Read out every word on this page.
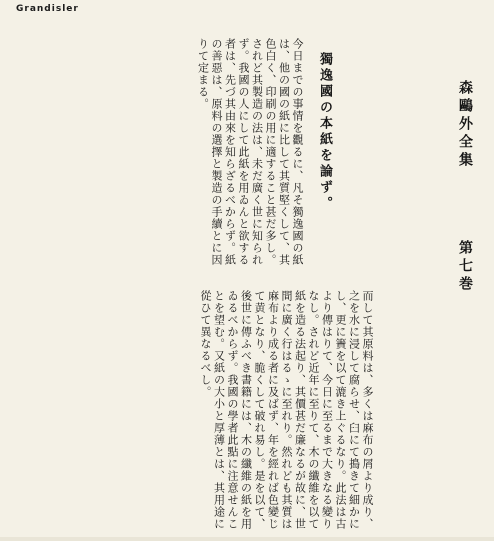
Grandisler
森鷗外全集第七巻
獨逸國の本紙を論ず。

今日までの事情を觀るに、凡そ獨逸國の紙は、他の國の紙に比して其質堅くして、其色白く、印刷の用に適すること甚だ多し。されど其製造の法は、未だ廣く世に知られず。我國の人にして此紙を用ゐんと欲する者は、先づ其由來を知らざるべからず。紙の善惡は、原料の選擇と製造の手續とに因りて定まる。

而して其原料は、多くは麻布の屑より成り、之を水に浸して腐らせ、臼にて搗きて細かにし、更に簀を以て漉き上ぐるなり。此法は古より傳はりて、今日に至るまで大きなる變りなし。されど近年に至りて、木の纖維を以て紙を造る法起り、其價甚だ廉なるが故に、世間に廣く行はるゝに至れり。然れども其質は麻布より成る者に及ばず、年を經れば色變じて黄となり、脆くして破れ易し。是を以て、後世に傳ふべき書籍には、木の纖維の紙を用ゐるべからず。我國の學者此點に注意せんことを望む。又紙の大小と厚薄とは、其用途に從ひて異なるべし。
